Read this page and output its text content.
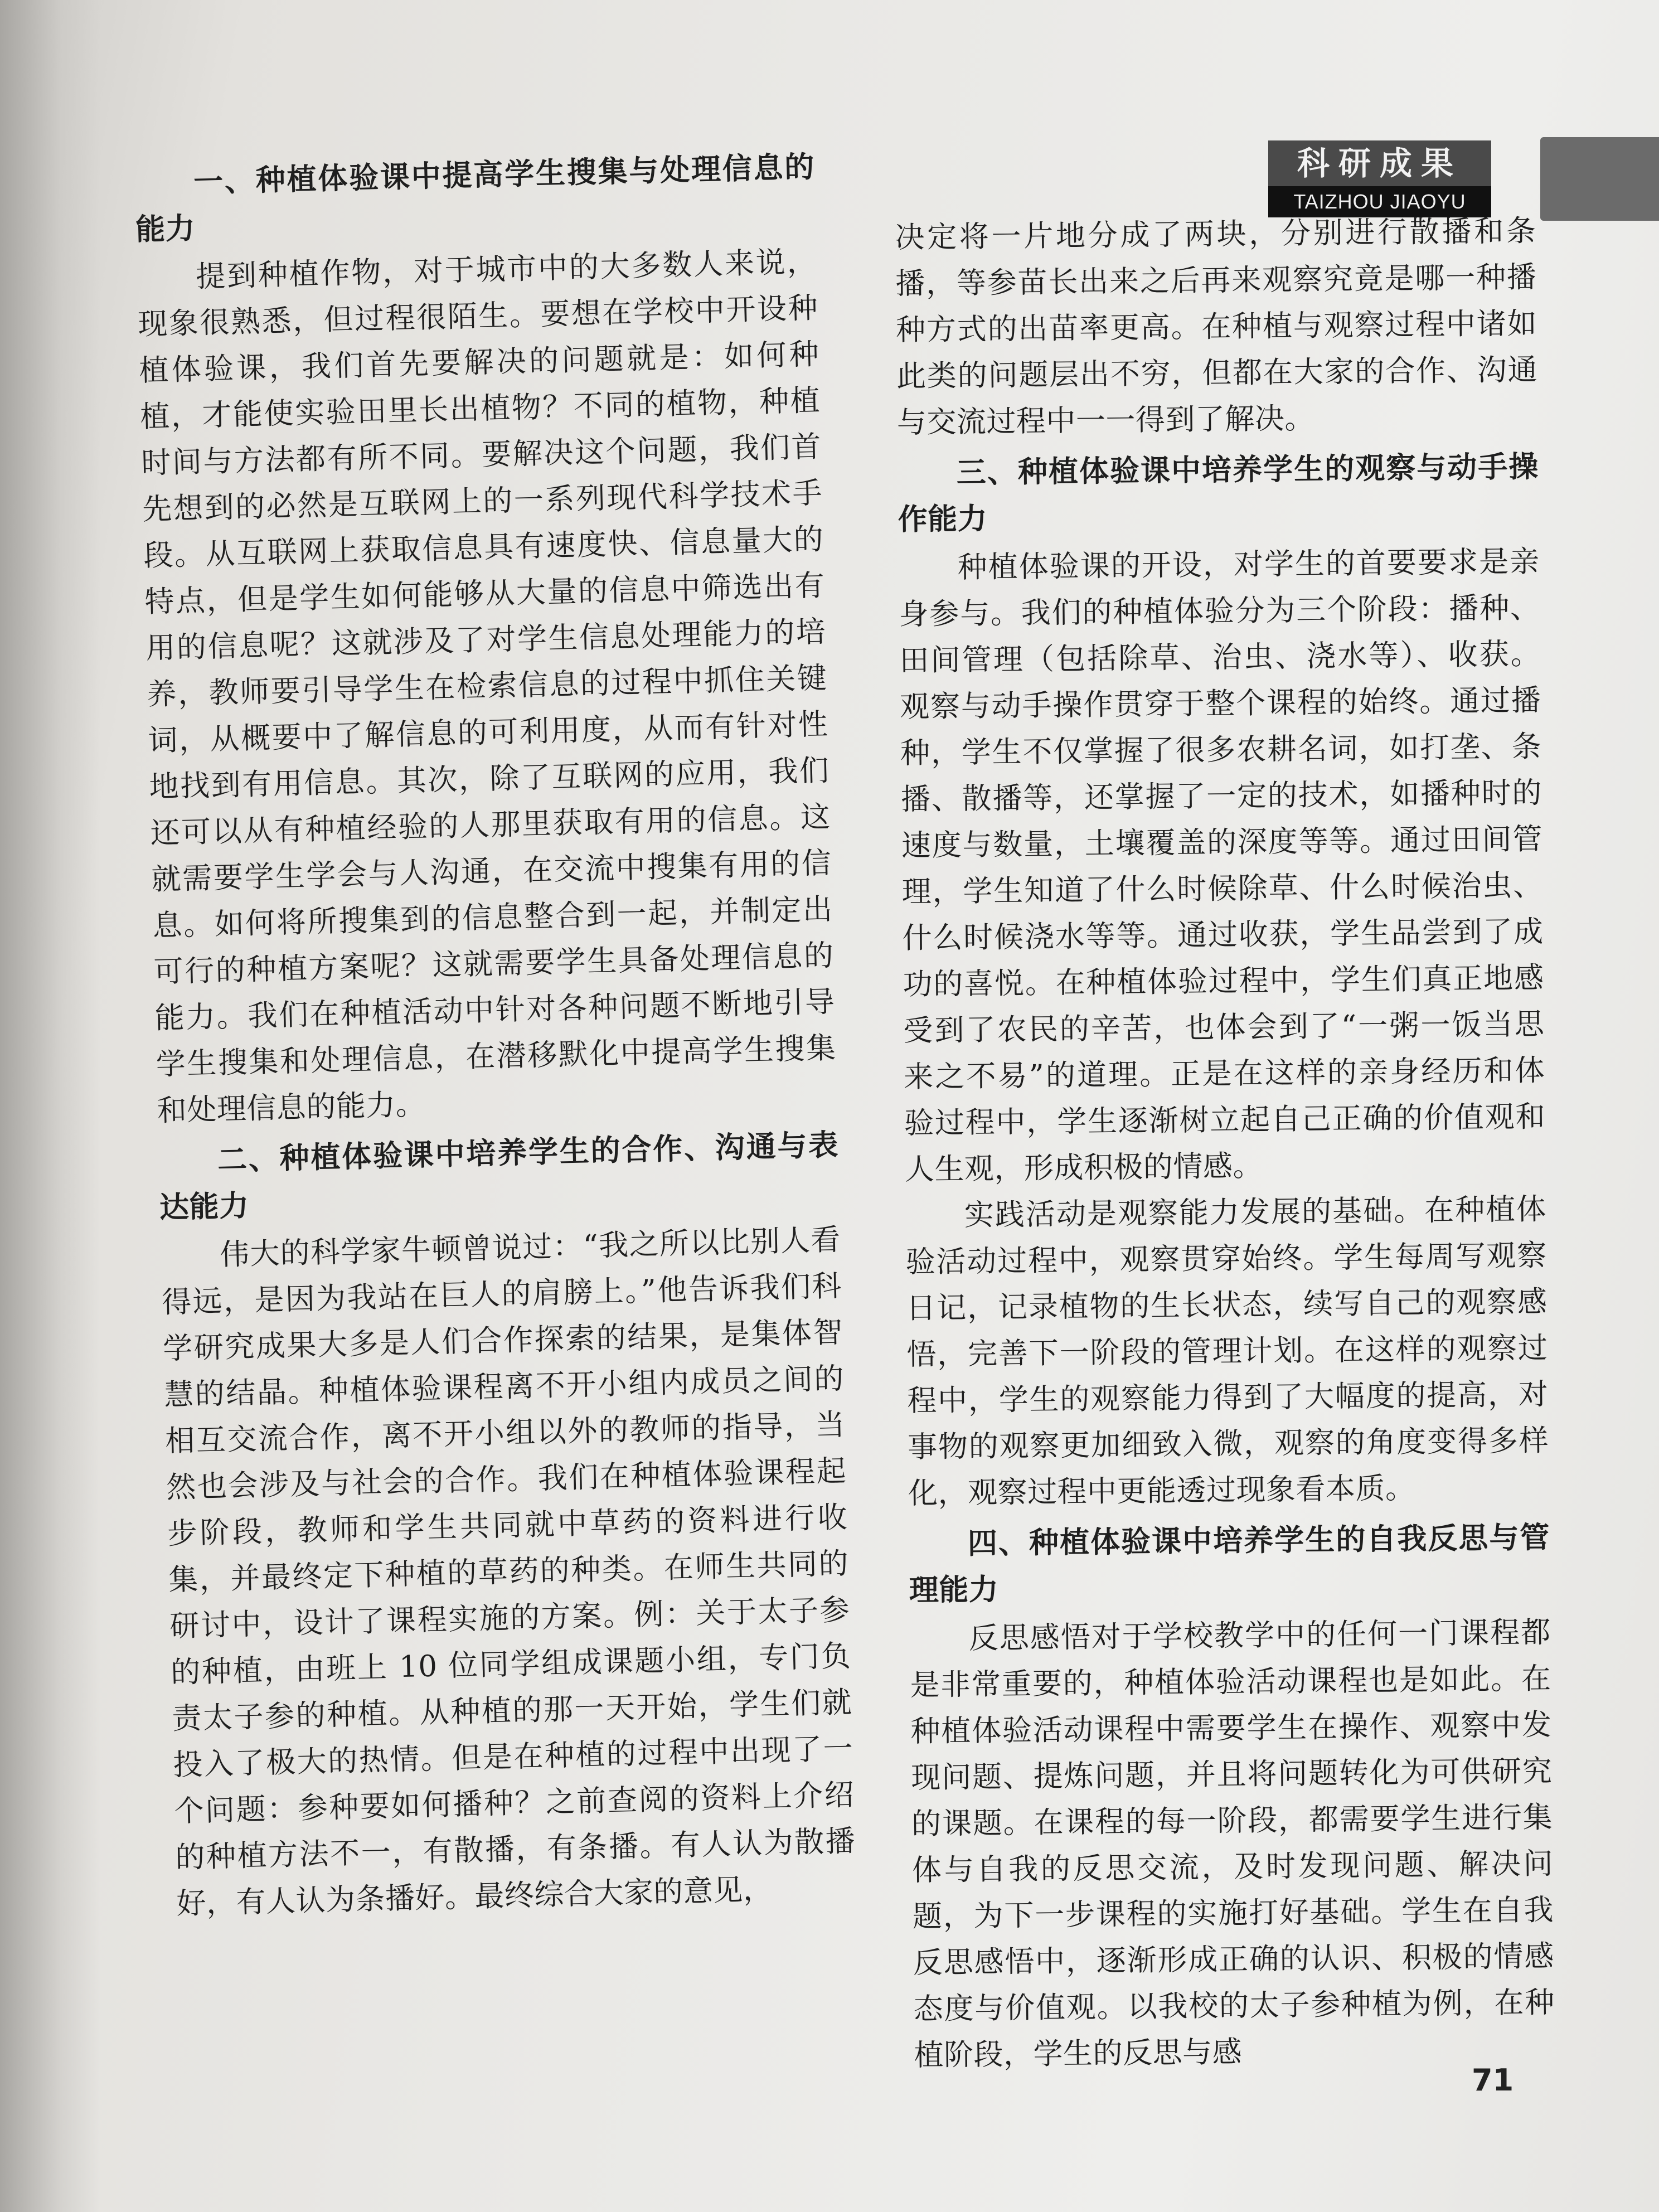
科研成果
TAIZHOU JIAOYU
一、种植体验课中提高学生搜集与处理信息的能力

提到种植作物，对于城市中的大多数人来说，现象很熟悉，但过程很陌生。要想在学校中开设种植体验课，我们首先要解决的问题就是：如何种植，才能使实验田里长出植物？不同的植物，种植时间与方法都有所不同。要解决这个问题，我们首先想到的必然是互联网上的一系列现代科学技术手段。从互联网上获取信息具有速度快、信息量大的特点，但是学生如何能够从大量的信息中筛选出有用的信息呢？这就涉及了对学生信息处理能力的培养，教师要引导学生在检索信息的过程中抓住关键词，从概要中了解信息的可利用度，从而有针对性地找到有用信息。其次，除了互联网的应用，我们还可以从有种植经验的人那里获取有用的信息。这就需要学生学会与人沟通，在交流中搜集有用的信息。如何将所搜集到的信息整合到一起，并制定出可行的种植方案呢？这就需要学生具备处理信息的能力。我们在种植活动中针对各种问题不断地引导学生搜集和处理信息，在潜移默化中提高学生搜集和处理信息的能力。

二、种植体验课中培养学生的合作、沟通与表达能力

伟大的科学家牛顿曾说过：“我之所以比别人看得远，是因为我站在巨人的肩膀上。”他告诉我们科学研究成果大多是人们合作探索的结果，是集体智慧的结晶。种植体验课程离不开小组内成员之间的相互交流合作，离不开小组以外的教师的指导，当然也会涉及与社会的合作。我们在种植体验课程起步阶段，教师和学生共同就中草药的资料进行收集，并最终定下种植的草药的种类。在师生共同的研讨中，设计了课程实施的方案。例：关于太子参的种植，由班上 10 位同学组成课题小组，专门负责太子参的种植。从种植的那一天开始，学生们就投入了极大的热情。但是在种植的过程中出现了一个问题：参种要如何播种？之前查阅的资料上介绍的种植方法不一，有散播，有条播。有人认为散播好，有人认为条播好。最终综合大家的意见，

决定将一片地分成了两块，分别进行散播和条播，等参苗长出来之后再来观察究竟是哪一种播种方式的出苗率更高。在种植与观察过程中诸如此类的问题层出不穷，但都在大家的合作、沟通与交流过程中一一得到了解决。

三、种植体验课中培养学生的观察与动手操作能力

种植体验课的开设，对学生的首要要求是亲身参与。我们的种植体验分为三个阶段：播种、田间管理（包括除草、治虫、浇水等）、收获。观察与动手操作贯穿于整个课程的始终。通过播种，学生不仅掌握了很多农耕名词，如打垄、条播、散播等，还掌握了一定的技术，如播种时的速度与数量，土壤覆盖的深度等等。通过田间管理，学生知道了什么时候除草、什么时候治虫、什么时候浇水等等。通过收获，学生品尝到了成功的喜悦。在种植体验过程中，学生们真正地感受到了农民的辛苦，也体会到了“一粥一饭当思来之不易”的道理。正是在这样的亲身经历和体验过程中，学生逐渐树立起自己正确的价值观和人生观，形成积极的情感。

实践活动是观察能力发展的基础。在种植体验活动过程中，观察贯穿始终。学生每周写观察日记，记录植物的生长状态，续写自己的观察感悟，完善下一阶段的管理计划。在这样的观察过程中，学生的观察能力得到了大幅度的提高，对事物的观察更加细致入微，观察的角度变得多样化，观察过程中更能透过现象看本质。

四、种植体验课中培养学生的自我反思与管理能力

反思感悟对于学校教学中的任何一门课程都是非常重要的，种植体验活动课程也是如此。在种植体验活动课程中需要学生在操作、观察中发现问题、提炼问题，并且将问题转化为可供研究的课题。在课程的每一阶段，都需要学生进行集体与自我的反思交流，及时发现问题、解决问题，为下一步课程的实施打好基础。学生在自我反思感悟中，逐渐形成正确的认识、积极的情感态度与价值观。以我校的太子参种植为例，在种植阶段，学生的反思与感

71
